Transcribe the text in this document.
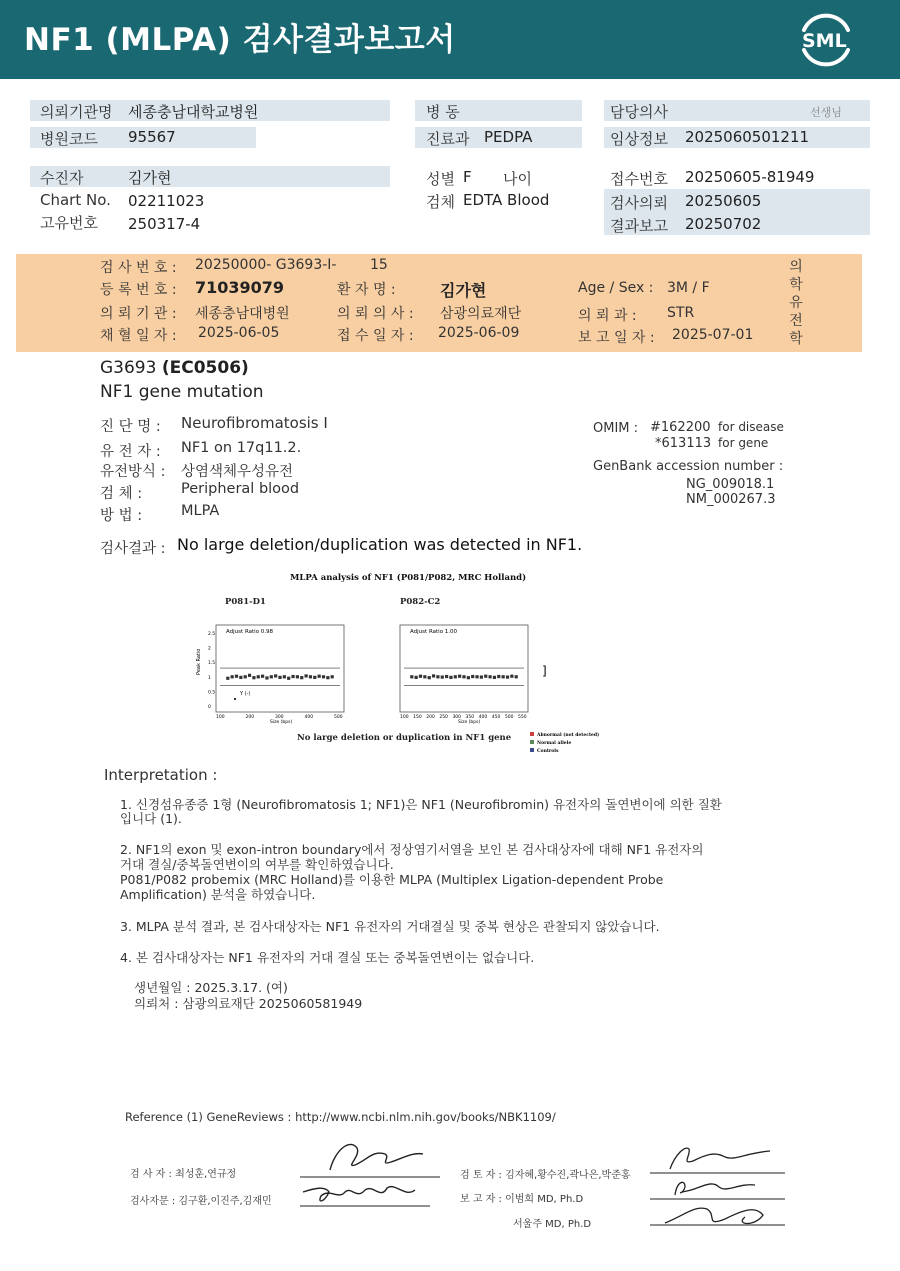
NF1 (MLPA) 검사결과보고서	SML
의뢰기관명 세종충남대학교병원
병원코드 95567
병 동
진료과 PEDPA
담당의사	선생님
임상정보 2025060501211
수진자	김가현
Chart No. 02211023
고유번호 250317-4
성별 F 나이
검체 EDTA Blood
접수번호 20250605-81949
검사의뢰 20250605
결과보고 20250702
검 사 번 호 : 20250000- G3693-I- 15
등 록 번 호 : 71039079	환 자 명 :	김가현	Age / Sex : 3M / F
의 뢰 기 관 : 세종충남대병원	의 뢰 의 사 : 삼광의료재단	의 뢰 과 : STR
채 혈 일 자 : 2025-06-05	접 수 일 자 : 2025-06-09	보 고 일 자 : 2025-07-01
의
학
유
전
학
G3693 (EC0506)
NF1 gene mutation
진 단 명 : Neurofibromatosis I
유 전 자 : NF1 on 17q11.2.
유전방식 : 상염색체우성유전
검 체 :	Peripheral blood
방 법 :	MLPA
OMIM : #162200 for disease
*613113 for gene
GenBank accession number :
NG_009018.1
NM_000267.3
검사결과 : No large deletion/duplication was detected in NF1.
MLPA analysis of NF1 (P081/P082, MRC Holland)
P081-D1	P082-C2
No large deletion or duplication in NF1 gene
Adjust Ratio 0.98
Peak Ratio
Size (bps)
Y (-)
2.5
2
1.5
1
0.5
0
100	200	300	400	500
Adjust Ratio 1.00
Size (bps)
]
100 150 200 250 300 350 400 450 500 550
Abnormal (not detected)
Normal allele
Controls
Interpretation :
1. 신경섬유종증 1형 (Neurofibromatosis 1; NF1)은 NF1 (Neurofibromin) 유전자의 돌연변이에 의한 질환
입니다 (1).
2. NF1의 exon 및 exon-intron boundary에서 정상염기서열을 보인 본 검사대상자에 대해 NF1 유전자의
거대 결실/중복돌연변이의 여부를 확인하였습니다.
P081/P082 probemix (MRC Holland)를 이용한 MLPA (Multiplex Ligation-dependent Probe
Amplification) 분석을 하였습니다.
3. MLPA 분석 결과, 본 검사대상자는 NF1 유전자의 거대결실 및 중복 현상은 관찰되지 않았습니다.
4. 본 검사대상자는 NF1 유전자의 거대 결실 또는 중복돌연변이는 없습니다.
생년월일 : 2025.3.17. (여)
의뢰처 : 삼광의료재단 2025060581949
Reference (1) GeneReviews : http://www.ncbi.nlm.nih.gov/books/NBK1109/
검 사 자 : 최성훈,연규정
검사자문 : 김구환,이진주,김재민
검 토 자 : 김자혜,황수진,곽나은,박준홍
보 고 자 : 이범희 MD, Ph.D
서울주 MD, Ph.D
